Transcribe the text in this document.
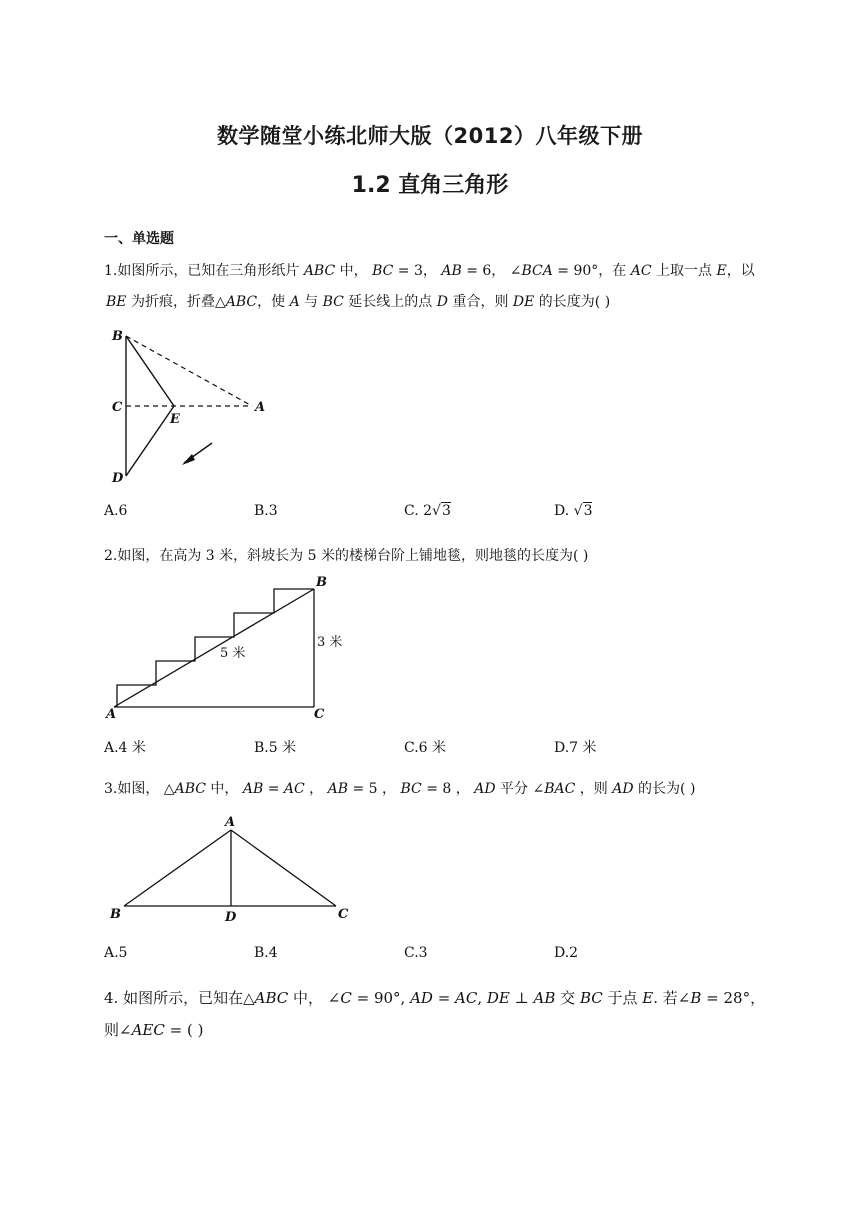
数学随堂小练北师大版（2012）八年级下册
1.2 直角三角形
一、单选题
1.如图所示，已知在三角形纸片 ABC 中， BC = 3， AB = 6， ∠BCA = 90°，在 AC 上取一点 E，以
BE 为折痕，折叠△ABC，使 A 与 BC 延长线上的点 D 重合，则 DE 的长度为( )
B
C
E
A
D
A.6	B.3	C. 2√3	D. √3
2.如图，在高为 3 米，斜坡长为 5 米的楼梯台阶上铺地毯，则地毯的长度为( )
B
A	C
3 米
5 米
A.4 米	B.5 米	C.6 米	D.7 米
3.如图， △ABC 中， AB = AC ， AB = 5 ， BC = 8 ， AD 平分 ∠BAC ，则 AD 的长为( )
A
B	D	C
A.5	B.4	C.3	D.2
4. 如图所示，已知在△ABC 中， ∠C = 90°, AD = AC, DE ⊥ AB 交 BC 于点 E. 若∠B = 28°，
则∠AEC = ( )
